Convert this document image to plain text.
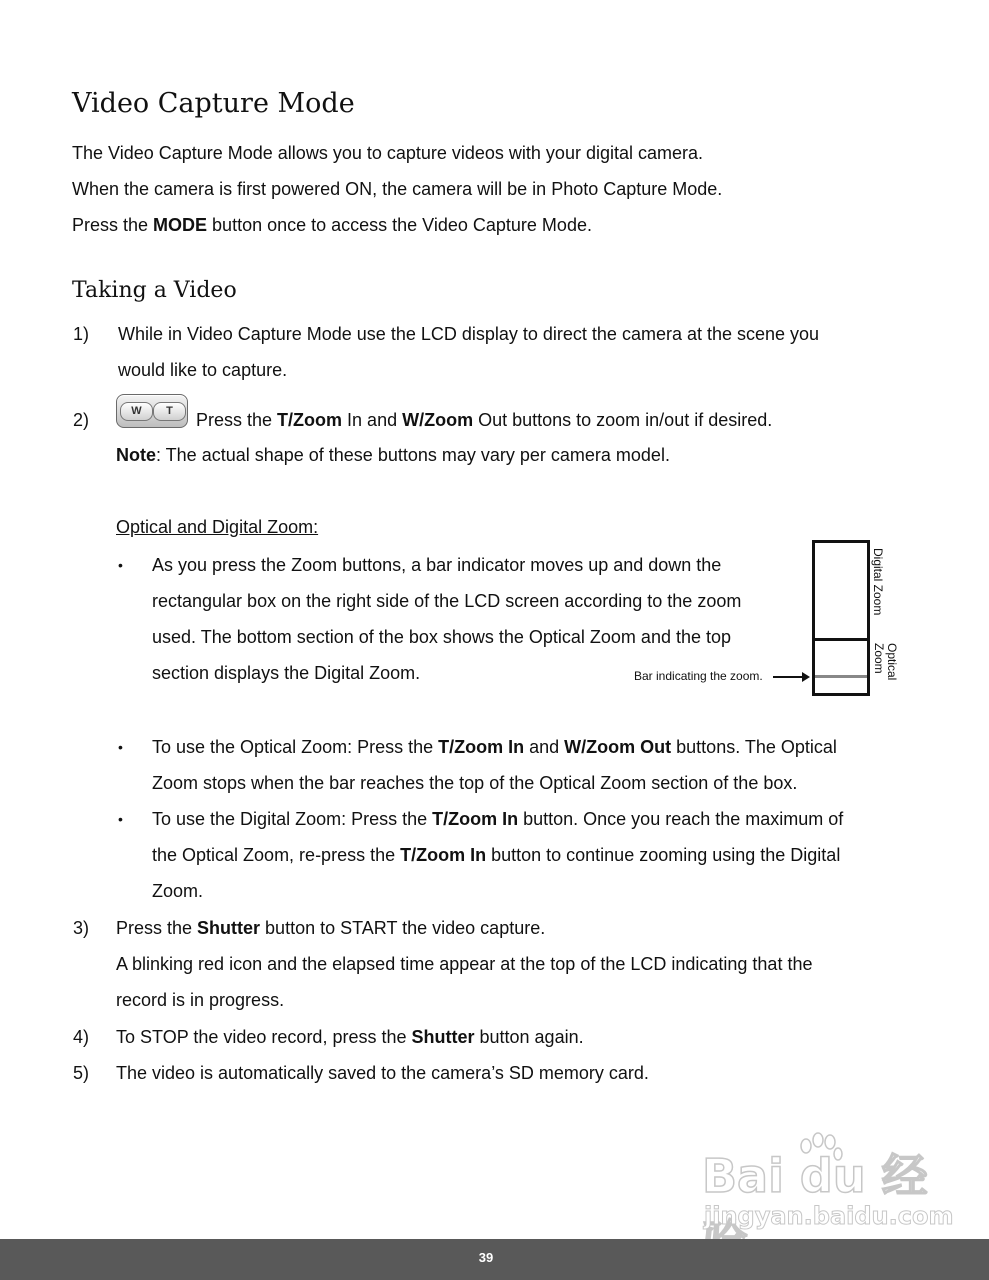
Video Capture Mode
The Video Capture Mode allows you to capture videos with your digital camera.
When the camera is first powered ON, the camera will be in Photo Capture Mode.
Press the MODE button once to access the Video Capture Mode.
Taking a Video
1) While in Video Capture Mode use the LCD display to direct the camera at the scene you
would like to capture.
2)	W	T	Press the T/Zoom In and W/Zoom Out buttons to zoom in/out if desired.
Note: The actual shape of these buttons may vary per camera model.
Optical and Digital Zoom:
• As you press the Zoom buttons, a bar indicator moves up and down the
rectangular box on the right side of the LCD screen according to the zoom
used. The bottom section of the box shows the Optical Zoom and the top
section displays the Digital Zoom.
Digital Zoom
Optical
Zoom
Bar indicating the zoom.
• To use the Optical Zoom: Press the T/Zoom In and W/Zoom Out buttons. The Optical
Zoom stops when the bar reaches the top of the Optical Zoom section of the box.
• To use the Digital Zoom: Press the T/Zoom In button. Once you reach the maximum of
the Optical Zoom, re-press the T/Zoom In button to continue zooming using the Digital
Zoom.
3) Press the Shutter button to START the video capture.
A blinking red icon and the elapsed time appear at the top of the LCD indicating that the
record is in progress.
4) To STOP the video record, press the Shutter button again.
5) The video is automatically saved to the camera’s SD memory card.
Bai du 经
jingyan.baidu.com
39
